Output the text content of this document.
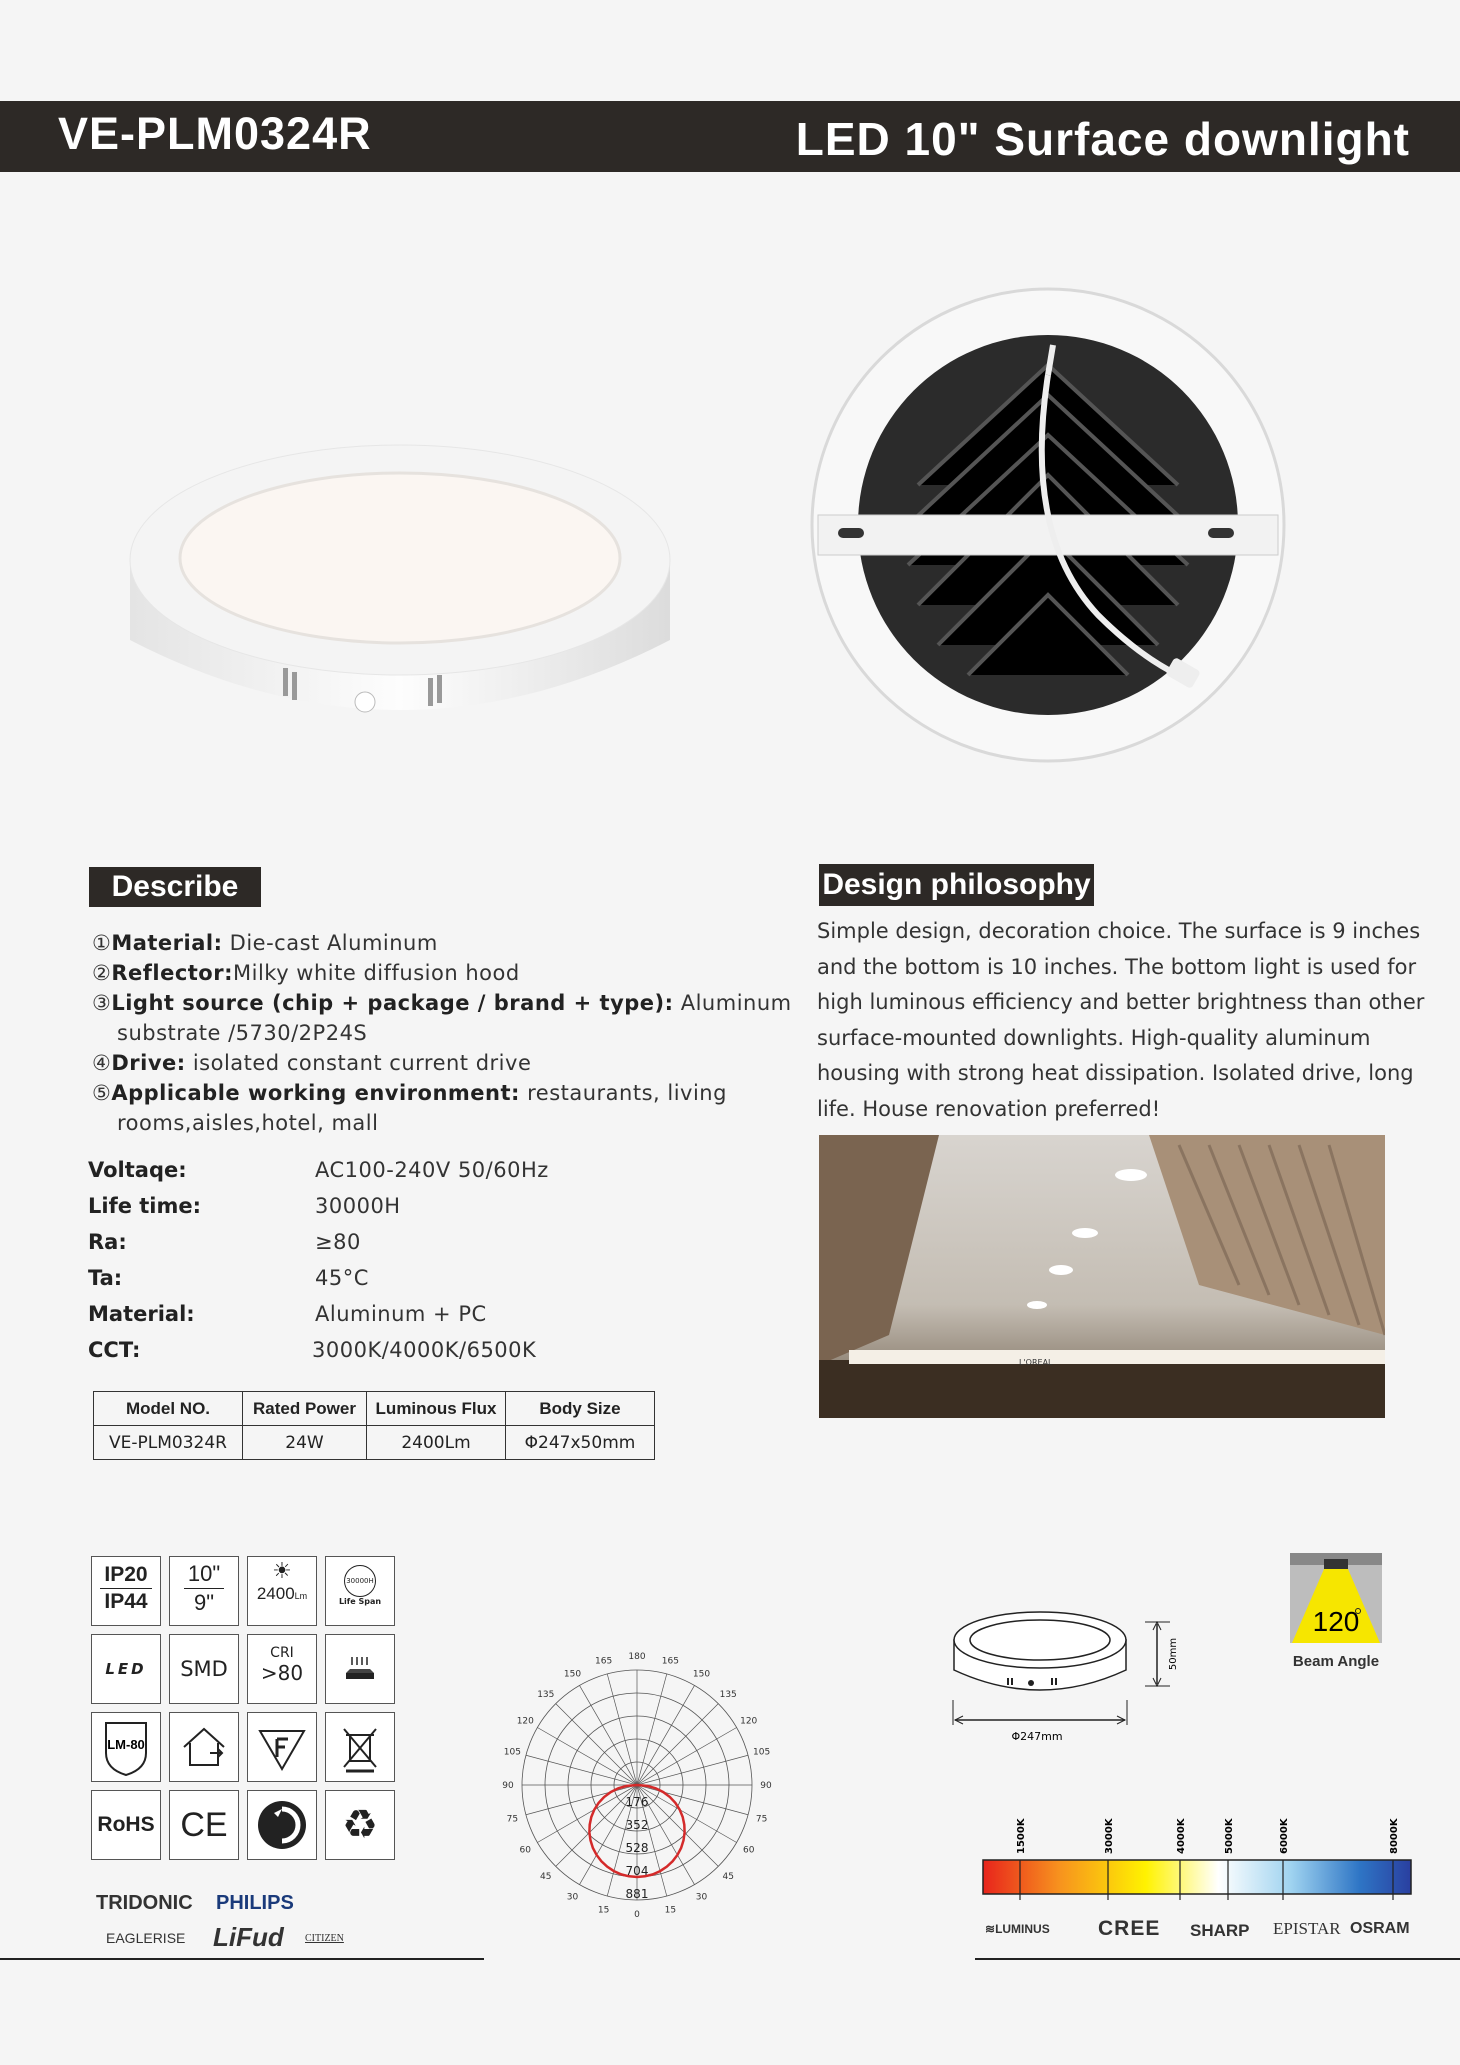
VE-PLM0324R	LED 10" Surface downlight
Describe
①Material: Die-cast Aluminum
②Reflector:Milky white diffusion hood
③Light source (chip + package / brand + type): Aluminum
substrate /5730/2P24S
④Drive: isolated constant current drive
⑤Applicable working environment: restaurants, living
rooms,aisles,hotel, mall
Voltaqe:	AC100-240V 50/60Hz
Life time:	30000H
Ra:	≥80
Ta:	45°C
Material:	Aluminum + PC
CCT:	3000K/4000K/6500K
Model NO.	Rated Power	Luminous Flux	Body Size
VE-PLM0324R	24W	2400Lm	Φ247x50mm
Design philosophy
Simple design, decoration choice. The surface is 9 inches and the bottom is 10 inches. The bottom light is used for high luminous efficiency and better brightness than other surface-mounted downlights. High-quality aluminum housing with strong heat dissipation. Isolated drive, long life. House renovation preferred!
L'OREAL
IP20
IP44
10"
9"
☀
2400Lm
30000H
Life Span
LED	SMD
CRI
>80
LM-80
RoHS CE	♻
TRIDONIC PHILIPS
EAGLERISE LiFud CITIZEN
180
165
150
135
120
105
90
75
60
45
30
15	0
165
150
135
120
105
90
75
60
45
30
15
176
352
528
704
881
50mm
Φ247mm
120
Beam Angle
1500K	3000K	4000K	5000K	6000K	8000K
≋LUMINUS CREE SHARP EPISTAR OSRAM
